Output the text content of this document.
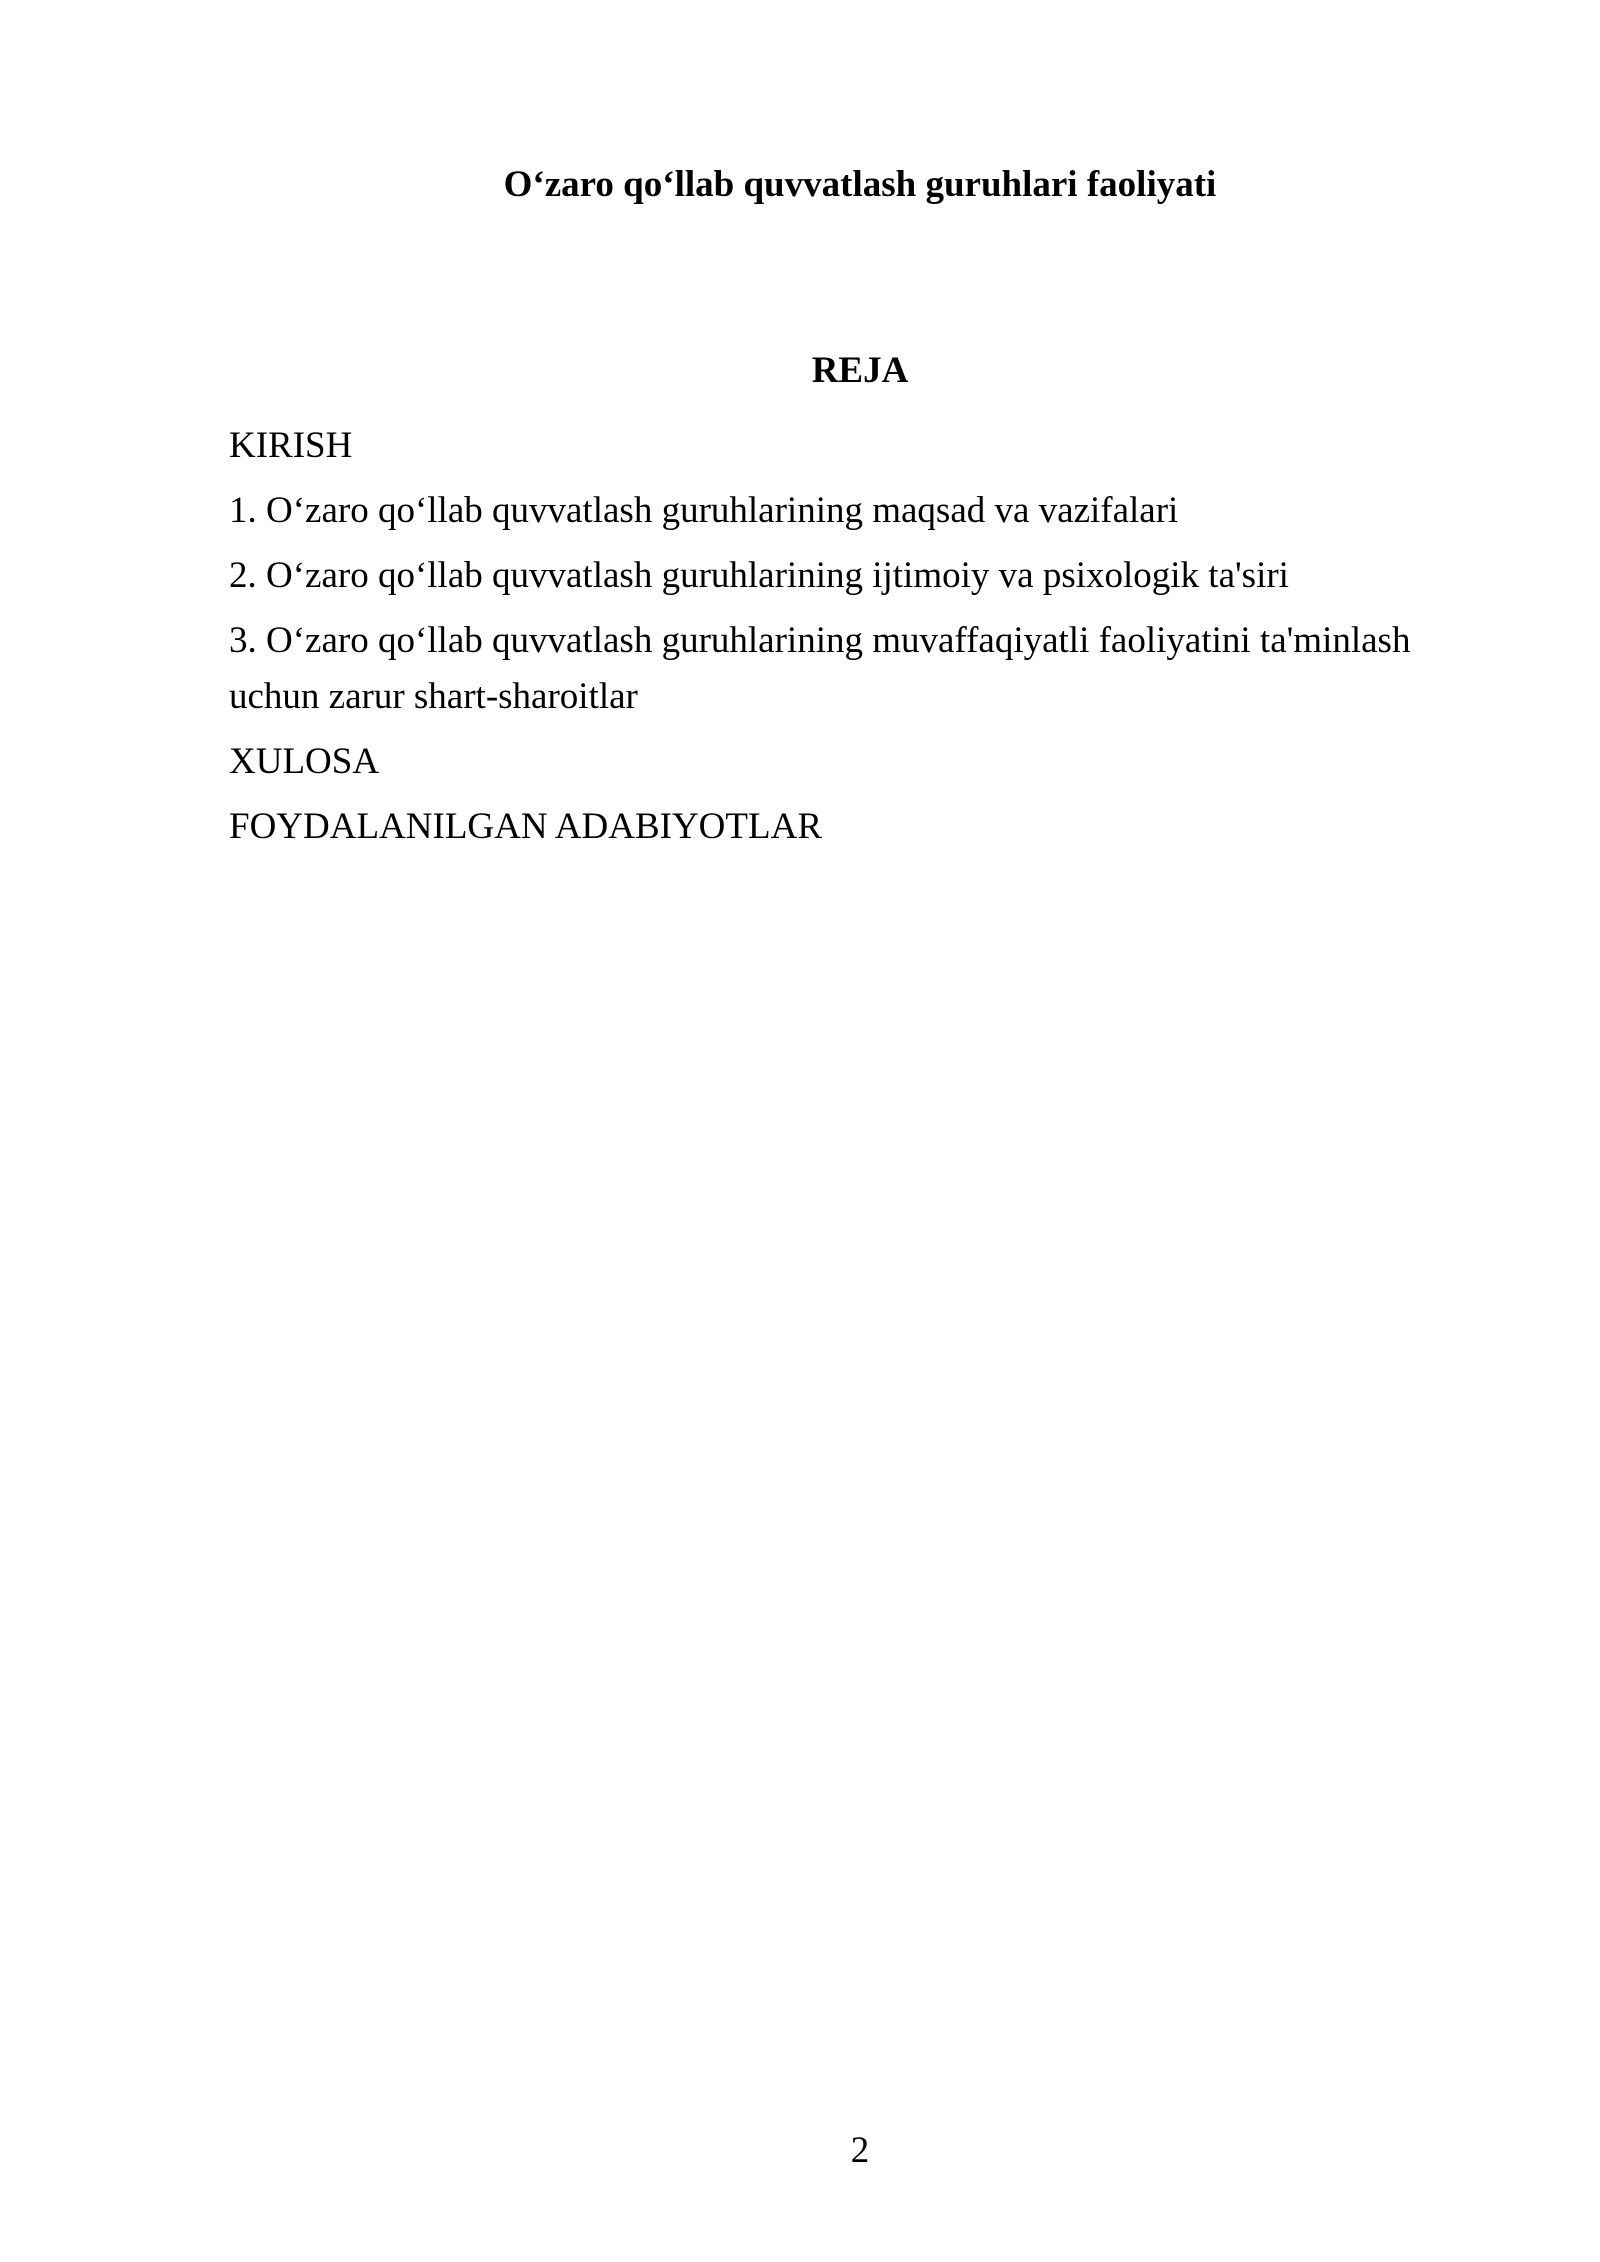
O‘zaro qo‘llab quvvatlash guruhlari faoliyati
REJA
KIRISH
1. O‘zaro qo‘llab quvvatlash guruhlarining maqsad va vazifalari
2. O‘zaro qo‘llab quvvatlash guruhlarining ijtimoiy va psixologik ta'siri
3. O‘zaro qo‘llab quvvatlash guruhlarining muvaffaqiyatli faoliyatini ta'minlash uchun zarur shart-sharoitlar
XULOSA
FOYDALANILGAN ADABIYOTLAR
2
